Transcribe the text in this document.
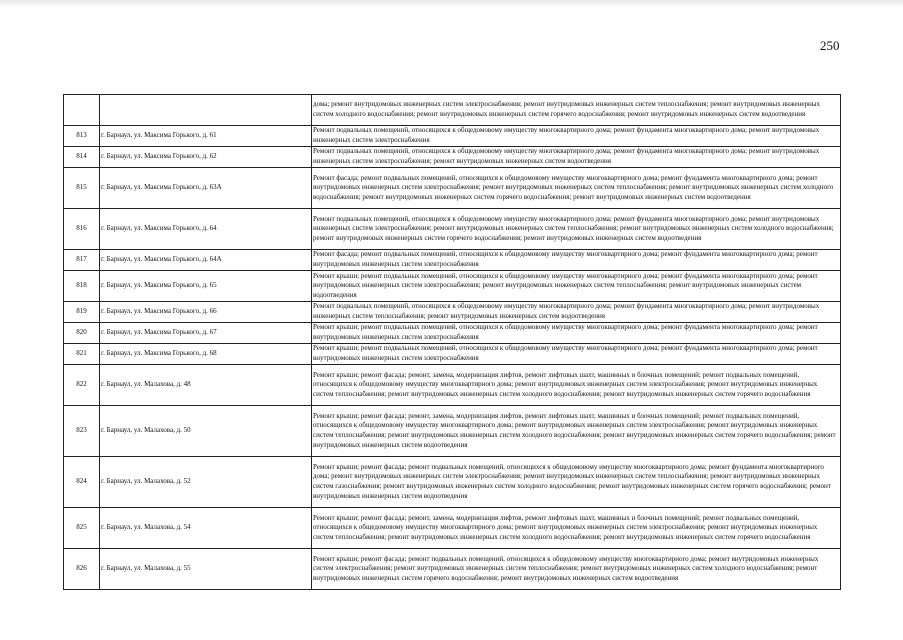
250
		дома; ремонт внутридомовых инженерных систем электроснабжения; ремонт внутридомовых инженерных систем теплоснабжения; ремонт внутридомовых инженерных систем холодного водоснабжения; ремонт внутридомовых инженерных систем горячего водоснабжения; ремонт внутридомовых инженерных систем водоотведения
813	г. Барнаул, ул. Максима Горького, д. 61	Ремонт подвальных помещений, относящихся к общедомовому имуществу многоквартирного дома; ремонт фундамента многоквартирного дома; ремонт внутридомовых инженерных систем электроснабжения
814	г. Барнаул, ул. Максима Горького, д. 62	Ремонт подвальных помещений, относящихся к общедомовому имуществу многоквартирного дома; ремонт фундамента многоквартирного дома; ремонт внутридомовых инженерных систем электроснабжения; ремонт внутридомовых инженерных систем водоотведения
815	г. Барнаул, ул. Максима Горького, д. 63А	Ремонт фасада; ремонт подвальных помещений, относящихся к общедомовому имуществу многоквартирного дома; ремонт фундамента многоквартирного дома; ремонт внутридомовых инженерных систем электроснабжения; ремонт внутридомовых инженерных систем теплоснабжения; ремонт внутридомовых инженерных систем холодного водоснабжения; ремонт внутридомовых инженерных систем горячего водоснабжения; ремонт внутридомовых инженерных систем водоотведения
816	г. Барнаул, ул. Максима Горького, д. 64	Ремонт подвальных помещений, относящихся к общедомовому имуществу многоквартирного дома; ремонт фундамента многоквартирного дома; ремонт внутридомовых инженерных систем электроснабжения; ремонт внутридомовых инженерных систем теплоснабжения; ремонт внутридомовых инженерных систем холодного водоснабжения; ремонт внутридомовых инженерных систем горячего водоснабжения; ремонт внутридомовых инженерных систем водоотведения
817	г. Барнаул, ул. Максима Горького, д. 64А	Ремонт фасада; ремонт подвальных помещений, относящихся к общедомовому имуществу многоквартирного дома; ремонт фундамента многоквартирного дома; ремонт внутридомовых инженерных систем электроснабжения
818	г. Барнаул, ул. Максима Горького, д. 65	Ремонт крыши; ремонт подвальных помещений, относящихся к общедомовому имуществу многоквартирного дома; ремонт фундамента многоквартирного дома; ремонт внутридомовых инженерных систем электроснабжения; ремонт внутридомовых инженерных систем теплоснабжения; ремонт внутридомовых инженерных систем водоотведения
819	г. Барнаул, ул. Максима Горького, д. 66	Ремонт подвальных помещений, относящихся к общедомовому имуществу многоквартирного дома; ремонт фундамента многоквартирного дома; ремонт внутридомовых инженерных систем теплоснабжения; ремонт внутридомовых инженерных систем водоотведения
820	г. Барнаул, ул. Максима Горького, д. 67	Ремонт крыши; ремонт подвальных помещений, относящихся к общедомовому имуществу многоквартирного дома; ремонт фундамента многоквартирного дома; ремонт внутридомовых инженерных систем электроснабжения
821	г. Барнаул, ул. Максима Горького, д. 68	Ремонт крыши; ремонт подвальных помещений, относящихся к общедомовому имуществу многоквартирного дома; ремонт фундамента многоквартирного дома; ремонт внутридомовых инженерных систем электроснабжения
822	г. Барнаул, ул. Малахова, д. 48	Ремонт крыши; ремонт фасада; ремонт, замена, модернизация лифтов, ремонт лифтовых шахт, машинных и блочных помещений; ремонт подвальных помещений, относящихся к общедомовому имуществу многоквартирного дома; ремонт внутридомовых инженерных систем электроснабжения; ремонт внутридомовых инженерных систем теплоснабжения; ремонт внутридомовых инженерных систем холодного водоснабжения; ремонт внутридомовых инженерных систем горячего водоснабжения
823	г. Барнаул, ул. Малахова, д. 50	Ремонт крыши; ремонт фасада; ремонт, замена, модернизация лифтов, ремонт лифтовых шахт, машинных и блочных помещений; ремонт подвальных помещений, относящихся к общедомовому имуществу многоквартирного дома; ремонт внутридомовых инженерных систем электроснабжения; ремонт внутридомовых инженерных систем теплоснабжения; ремонт внутридомовых инженерных систем холодного водоснабжения; ремонт внутридомовых инженерных систем горячего водоснабжения; ремонт внутридомовых инженерных систем водоотведения
824	г. Барнаул, ул. Малахова, д. 52	Ремонт крыши; ремонт фасада; ремонт подвальных помещений, относящихся к общедомовому имуществу многоквартирного дома; ремонт фундамента многоквартирного дома; ремонт внутридомовых инженерных систем электроснабжения; ремонт внутридомовых инженерных систем теплоснабжения; ремонт внутридомовых инженерных систем газоснабжения; ремонт внутридомовых инженерных систем холодного водоснабжения; ремонт внутридомовых инженерных систем горячего водоснабжения; ремонт внутридомовых инженерных систем водоотведения
825	г. Барнаул, ул. Малахова, д. 54	Ремонт крыши; ремонт фасада; ремонт, замена, модернизация лифтов, ремонт лифтовых шахт, машинных и блочных помещений; ремонт подвальных помещений, относящихся к общедомовому имуществу многоквартирного дома; ремонт внутридомовых инженерных систем электроснабжения; ремонт внутридомовых инженерных систем теплоснабжения; ремонт внутридомовых инженерных систем холодного водоснабжения; ремонт внутридомовых инженерных систем горячего водоснабжения
826	г. Барнаул, ул. Малахова, д. 55	Ремонт крыши; ремонт фасада; ремонт подвальных помещений, относящихся к общедомовому имуществу многоквартирного дома; ремонт внутридомовых инженерных систем электроснабжения; ремонт внутридомовых инженерных систем теплоснабжения; ремонт внутридомовых инженерных систем холодного водоснабжения; ремонт внутридомовых инженерных систем горячего водоснабжения; ремонт внутридомовых инженерных систем водоотведения
